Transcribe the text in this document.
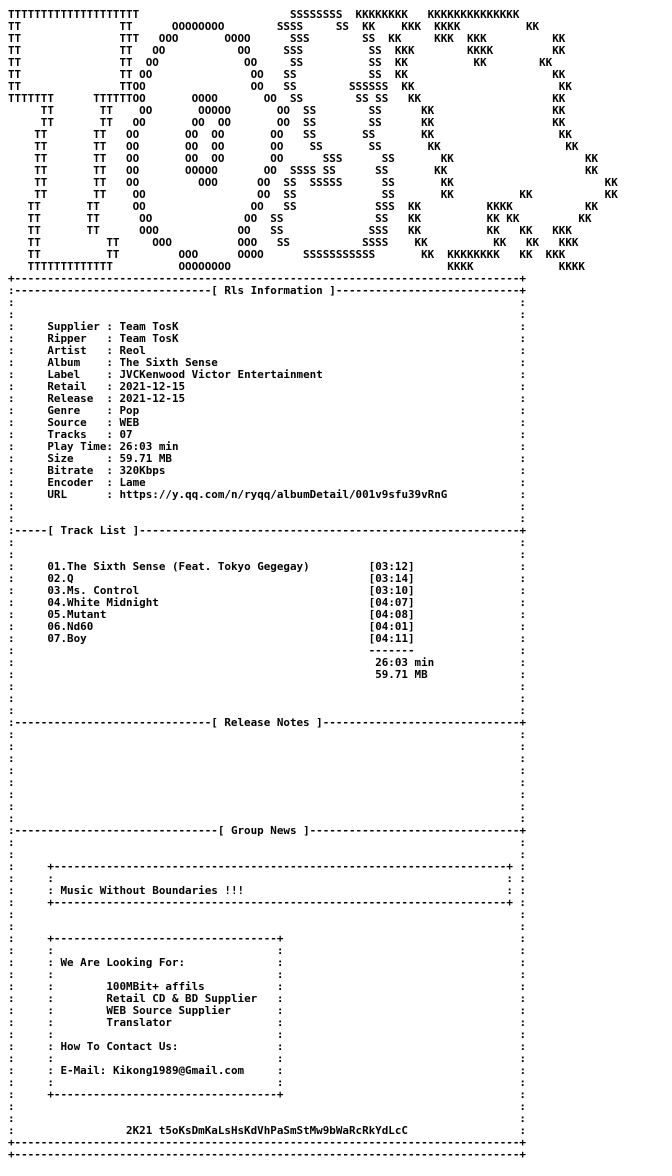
TTTTTTTTTTTTTTTTTTTT                       SSSSSSSS  KKKKKKKK   KKKKKKKKKKKKKK
TT               TT      OOOOOOOO        SSSS     SS  KK    KKK  KKKK          KK
TT               TTT   OOO       OOOO      SSS        SS  KK     KKK  KKK          KK
TT               TT   OO           OO     SSS          SS  KKK        KKKK         KK
TT               TT  OO             OO     SS          SS  KK          KK        KK
TT               TT OO               OO   SS           SS  KK                      KK
TT               TTOO                OO   SS        SSSSSS  KK                      KK
TTTTTTT      TTTTTTOO       OOOO       OO  SS        SS SS   KK                    KK
TT       TT    OO       OOOOO       OO  SS        SS      KK                  KK
TT       TT   OO       OO  OO       OO  SS        SS      KK                  KK
TT       TT   OO       OO  OO       OO   SS       SS       KK                   KK
TT       TT   OO       OO  OO       OO    SS       SS       KK                   KK
TT       TT   OO       OO  OO       OO      SSS      SS       KK                    KK
TT       TT   OO       OOOOO       OO  SSSS SS      SS       KK                     KK
TT       TT   OO         OOO      OO  SS  SSSSS      SS       KK                       KK
TT       TT    OO                 OO  SS             SS       KK          KK           KK
TT       TT     OO                OO   SS            SSS  KK          KKKK           KK
TT       TT      OO              OO  SS              SS   KK          KK KK         KK
TT       TT      OOO            OO   SS             SSS   KK          KK   KK   KKK
TT          TT     OOO          OOO   SS           SSSS    KK          KK   KK   KKK
TT          TT         OOO      OOOO      SSSSSSSSSSS       KK  KKKKKKKK   KK  KKK
TTTTTTTTTTTTT          OOOOOOOO                                 KKKK             KKKK
+-----------------------------------------------------------------------------+
:------------------------------[ Rls Information ]----------------------------+
:                                                                             :
:                                                                             :
:	Supplier : Team TosK                                                    :
:	Ripper   : Team TosK                                                    :
:	Artist   : Reol                                                         :
:	Album    : The Sixth Sense                                              :
:	Label    : JVCKenwood Victor Entertainment                              :
:	Retail   : 2021-12-15                                                   :
:	Release  : 2021-12-15                                                   :
:	Genre    : Pop                                                          :
:	Source   : WEB                                                          :
:	Tracks   : 07                                                           :
:	Play Time: 26:03 min                                                    :
:	Size     : 59.71 MB                                                     :
:	Bitrate  : 320Kbps                                                      :
:	Encoder  : Lame                                                         :
:	URL      : https://y.qq.com/n/ryqq/albumDetail/001v9sfu39vRnG           :
:                                                                             :
:                                                                             :
:-----[ Track List ]----------------------------------------------------------+
:                                                                             :
:                                                                             :
:	01.The Sixth Sense (Feat. Tokyo Gegegay)         [03:12]                :
:	02.Q                                             [03:14]                :
:	03.Ms. Control                                   [03:10]                :
:	04.White Midnight                                [04:07]                :
:	05.Mutant                                        [04:08]                :
:	06.Nd60                                          [04:01]                :
:	07.Boy                                           [04:11]                :
:                                                      -------                :
:	26:03 min             :
:	59.71 MB              :
:                                                                             :
:                                                                             :
:                                                                             :
:------------------------------[ Release Notes ]------------------------------+
:                                                                             :
:                                                                             :
:                                                                             :
:                                                                             :
:                                                                             :
:                                                                             :
:                                                                             :
:                                                                             :
:-------------------------------[ Group News ]--------------------------------+
:                                                                             :
:                                                                             :
:     +---------------------------------------------------------------------+ :
:     :                                                                     : :
:     : Music Without Boundaries !!!                                        : :
:     +---------------------------------------------------------------------+ :
:                                                                             :
:                                                                             :
:     +----------------------------------+                                    :
:     :                                  :                                    :
:     : We Are Looking For:              :                                    :
:     :                                  :                                    :
:     :	100MBit+ affils           :                                    :
:     :	Retail CD & BD Supplier   :                                    :
:     :	WEB Source Supplier       :                                    :
:     :	Translator                :                                    :
:     :                                  :                                    :
:     : How To Contact Us:               :                                    :
:     :                                  :                                    :
:     : E-Mail: Kikong1989@Gmail.com     :                                    :
:     :                                  :                                    :
:     +----------------------------------+                                    :
:                                                                             :
:                                                                             :
:	2K21 t5oKsDmKaLsHsKdVhPaSmStMw9bWaRcRkYdLcC                 :
+-----------------------------------------------------------------------------+
+-----------------------------------------------------------------------------+
